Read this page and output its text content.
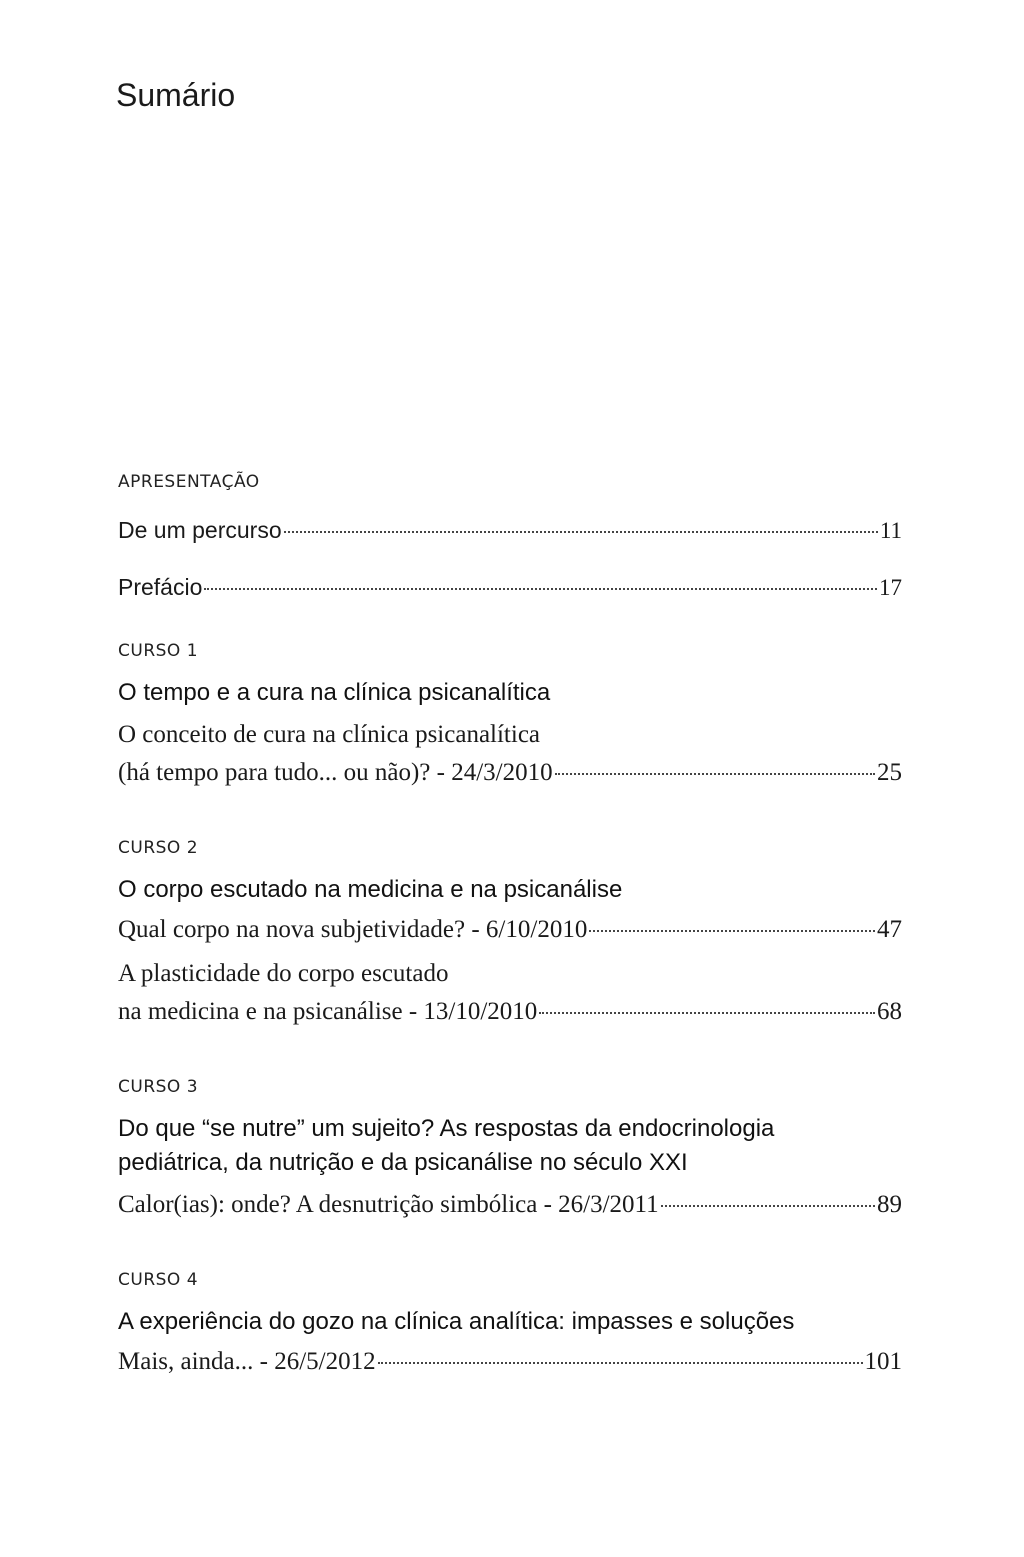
Sumário

APRESENTAÇÃO

De um percurso	11
Prefácio	17

CURSO 1

O tempo e a cura na clínica psicanalítica

O conceito de cura na clínica psicanalítica

(há tempo para tudo... ou não)? - 24/3/2010	25

CURSO 2

O corpo escutado na medicina e na psicanálise

Qual corpo na nova subjetividade? - 6/10/2010	47

A plasticidade do corpo escutado

na medicina e na psicanálise - 13/10/2010	68

CURSO 3

Do que “se nutre” um sujeito? As respostas da endocrinologia

pediátrica, da nutrição e da psicanálise no século XXI

Calor(ias): onde? A desnutrição simbólica - 26/3/2011	89

CURSO 4

A experiência do gozo na clínica analítica: impasses e soluções

Mais, ainda... - 26/5/2012	101
